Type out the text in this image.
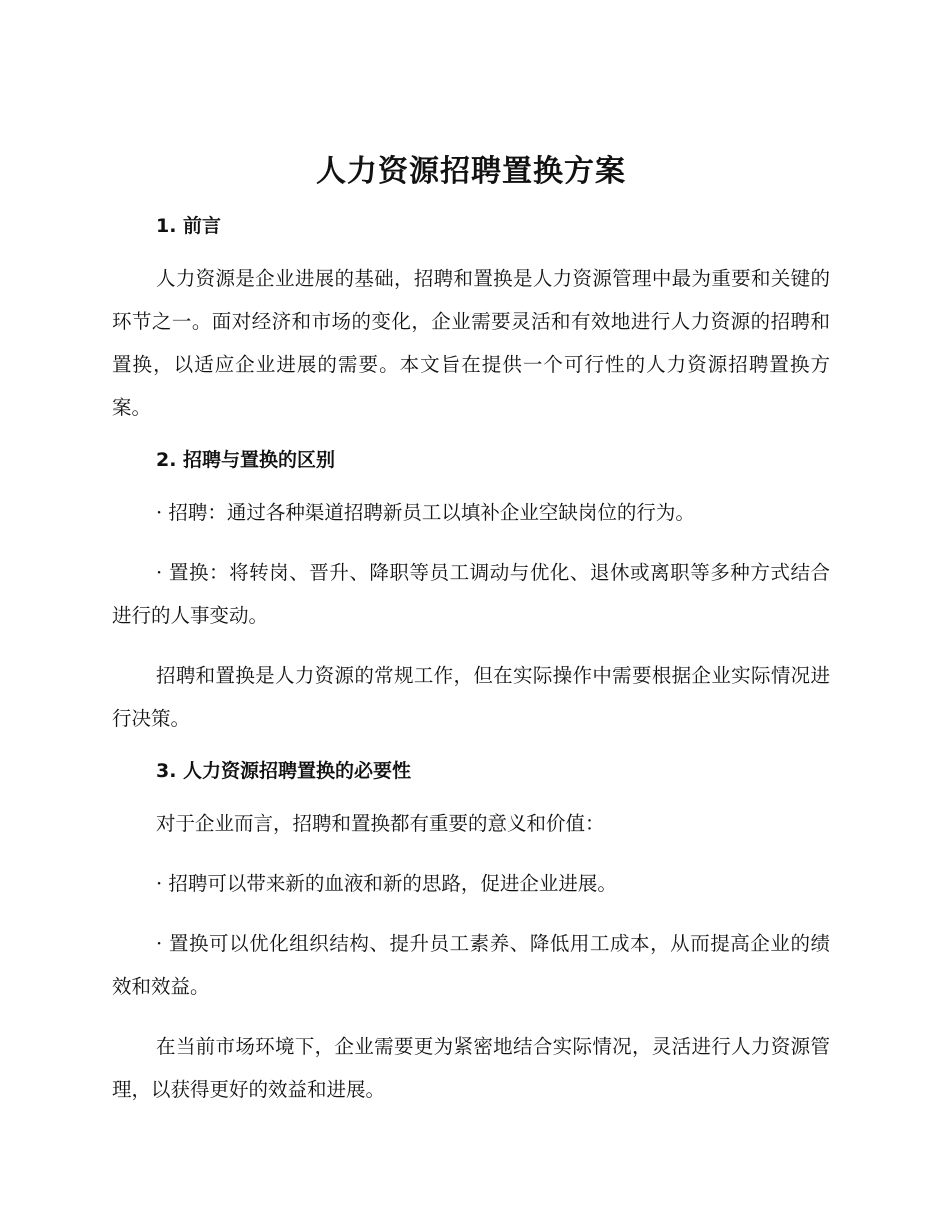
人力资源招聘置换方案
1. 前言

人力资源是企业进展的基础，招聘和置换是人力资源管理中最为重要和关键的环节之一。面对经济和市场的变化，企业需要灵活和有效地进行人力资源的招聘和置换，以适应企业进展的需要。本文旨在提供一个可行性的人力资源招聘置换方案。

2. 招聘与置换的区别

· 招聘：通过各种渠道招聘新员工以填补企业空缺岗位的行为。

· 置换：将转岗、晋升、降职等员工调动与优化、退休或离职等多种方式结合进行的人事变动。

招聘和置换是人力资源的常规工作，但在实际操作中需要根据企业实际情况进行决策。

3. 人力资源招聘置换的必要性

对于企业而言，招聘和置换都有重要的意义和价值：

· 招聘可以带来新的血液和新的思路，促进企业进展。

· 置换可以优化组织结构、提升员工素养、降低用工成本，从而提高企业的绩效和效益。

在当前市场环境下，企业需要更为紧密地结合实际情况，灵活进行人力资源管理，以获得更好的效益和进展。
